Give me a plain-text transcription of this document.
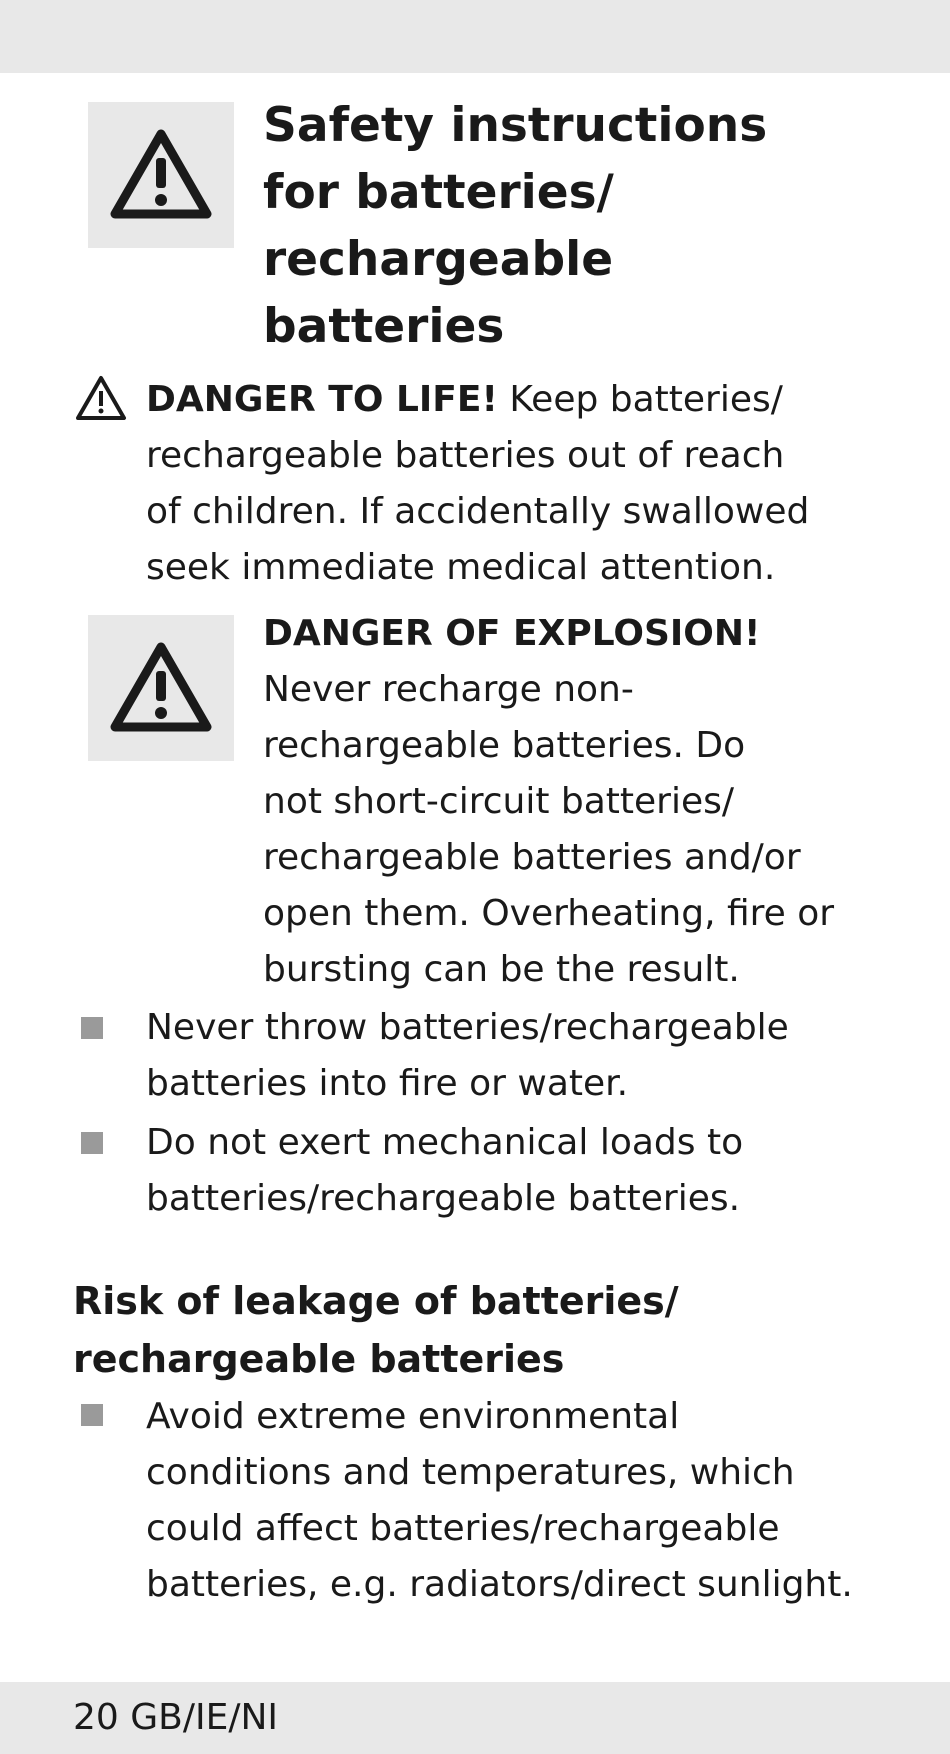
Safety instructions
for batteries/
rechargeable
batteries
DANGER TO LIFE! Keep batteries/
rechargeable batteries out of reach
of children. If accidentally swallowed
seek immediate medical attention.
DANGER OF EXPLOSION!
Never recharge non-
rechargeable batteries. Do
not short-circuit batteries/
rechargeable batteries and/or
open them. Overheating, fire or
bursting can be the result.
Never throw batteries/rechargeable
batteries into fire or water.
Do not exert mechanical loads to
batteries/rechargeable batteries.
Risk of leakage of batteries/
rechargeable batteries
Avoid extreme environmental
conditions and temperatures, which
could affect batteries/rechargeable
batteries, e.g. radiators/direct sunlight.
20 GB/IE/NI
